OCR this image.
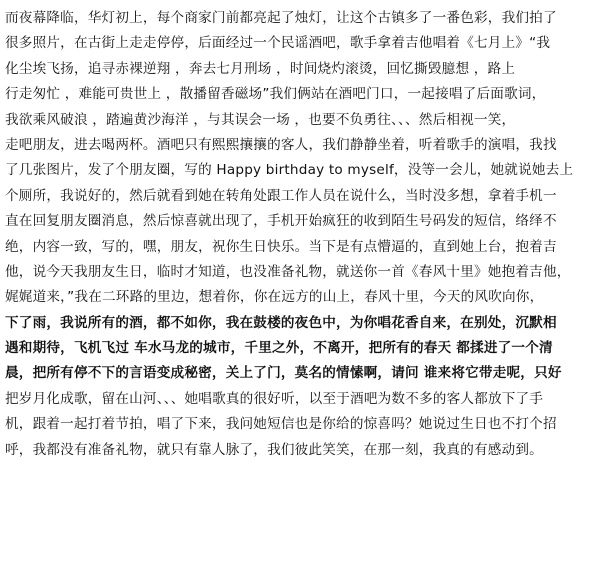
而夜幕降临，华灯初上，每个商家门前都亮起了烛灯，让这个古镇多了一番色彩，我们拍了
很多照片，在古街上走走停停，后面经过一个民谣酒吧，歌手拿着吉他唱着《七月上》“我
化尘埃飞扬，追寻赤裸逆翔 ，奔去七月刑场 ，时间烧灼滚烫，回忆撕毁臆想 ，路上
行走匆忙 ，难能可贵世上 ，散播留香磁场”我们俩站在酒吧门口，一起接唱了后面歌词，
我欲乘风破浪 ，踏遍黄沙海洋 ，与其误会一场 ，也要不负勇往、、、然后相视一笑，
走吧朋友，进去喝两杯。酒吧只有熙熙攘攘的客人，我们静静坐着，听着歌手的演唱，我找
了几张图片，发了个朋友圈，写的 Happy birthday to myself，没等一会儿，她就说她去上
个厕所，我说好的，然后就看到她在转角处跟工作人员在说什么，当时没多想，拿着手机一
直在回复朋友圈消息，然后惊喜就出现了，手机开始疯狂的收到陌生号码发的短信，络绎不
绝，内容一致，写的，嘿，朋友，祝你生日快乐。当下是有点懵逼的，直到她上台，抱着吉
他，说今天我朋友生日，临时才知道，也没准备礼物，就送你一首《春风十里》她抱着吉他，
娓娓道来，”我在二环路的里边，想着你，你在远方的山上，春风十里，今天的风吹向你，
下了雨，我说所有的酒，都不如你，我在鼓楼的夜色中，为你唱花香自来，在别处，沉默相
遇和期待，飞机飞过 车水马龙的城市，千里之外，不离开，把所有的春天 都揉进了一个清
晨，把所有停不下的言语变成秘密，关上了门，莫名的情愫啊，请问 谁来将它带走呢，只好
把岁月化成歌，留在山河、、、她唱歌真的很好听，以至于酒吧为数不多的客人都放下了手
机，跟着一起打着节拍，唱了下来，我问她短信也是你给的惊喜吗？她说过生日也不打个招
呼，我都没有准备礼物，就只有靠人脉了，我们彼此笑笑，在那一刻，我真的有感动到。
